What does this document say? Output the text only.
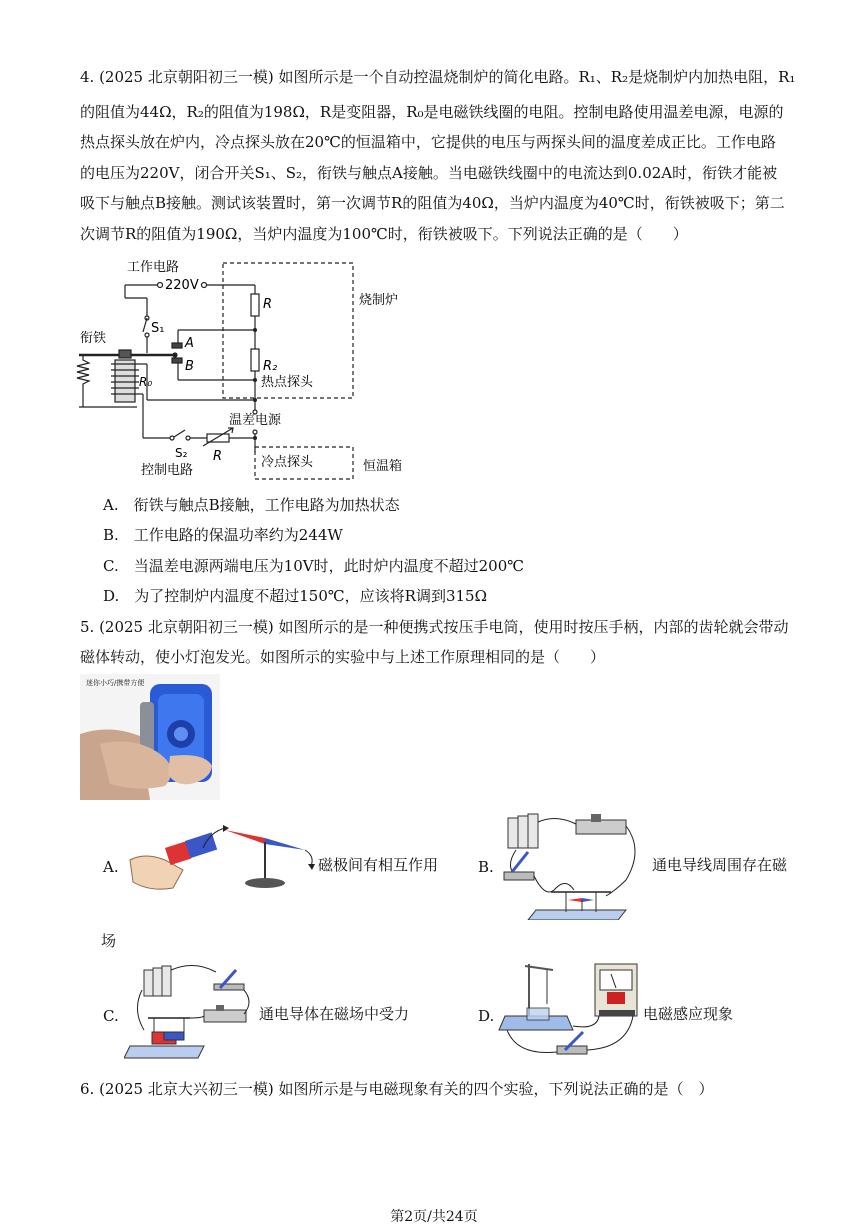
4. (2025 北京朝阳初三一模) 如图所示是一个自动控温烧制炉的简化电路。R₁、R₂是烧制炉内加热电阻，R₁
的阻值为44Ω，R₂的阻值为198Ω，R是变阻器，R₀是电磁铁线圈的电阻。控制电路使用温差电源，电源的
热点探头放在炉内，冷点探头放在20℃的恒温箱中，它提供的电压与两探头间的温度差成正比。工作电路
的电压为220V，闭合开关S₁、S₂，衔铁与触点A接触。当电磁铁线圈中的电流达到0.02A时，衔铁才能被
吸下与触点B接触。测试该装置时，第一次调节R的阻值为40Ω，当炉内温度为40℃时，衔铁被吸下；第二
次调节R的阻值为190Ω，当炉内温度为100℃时，衔铁被吸下。下列说法正确的是（　　）
工作电路
220V
衔铁
S₁
A
B
R
R₂
R₀
烧制炉
热点探头
温差电源
S₂ R
控制电路
冷点探头	恒温箱
A.　衔铁与触点B接触，工作电路为加热状态
B.　工作电路的保温功率约为244W
C.　当温差电源两端电压为10V时，此时炉内温度不超过200℃
D.　为了控制炉内温度不超过150℃，应该将R调到315Ω
5. (2025 北京朝阳初三一模) 如图所示的是一种便携式按压手电筒，使用时按压手柄，内部的齿轮就会带动
磁体转动，使小灯泡发光。如图所示的实验中与上述工作原理相同的是（　　）
迷你小巧/携带方便
A.	磁极间有相互作用	B.	通电导线周围存在磁
场
C.	通电导体在磁场中受力	D.	电磁感应现象
6. (2025 北京大兴初三一模) 如图所示是与电磁现象有关的四个实验，下列说法正确的是（　）
第2页/共24页
